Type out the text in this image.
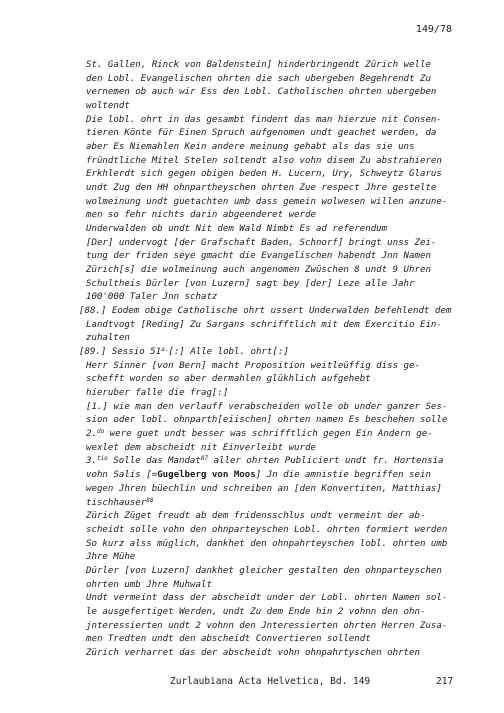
149/78
St. Gallen, Rinck von Baldenstein] hinderbringendt Zürich welle
den Lobl. Evangelischen ohrten die sach ubergeben Begehrendt Zu
vernemen ob auch wir Ess den Lobl. Catholischen ohrten ubergeben
woltendt
Die lobl. ohrt in das gesambt findent das man hierzue nit Consen-
tieren Könte für Einen Spruch aufgenomen undt geachet werden, da
aber Es Niemahlen Kein andere meinung gehabt als das sie uns
fründtliche Mitel Stelen soltendt also vohn disem Zu abstrahieren
Erkhlerdt sich gegen obigen beden H. Lucern, Ury, Schweytz Glarus
undt Zug den HH ohnpartheyschen ohrten Zue respect Jhre gestelte
wolmeinung undt guetachten umb dass gemein wolwesen willen anzune-
men so fehr nichts darin abgeenderet werde
Underwalden ob undt Nit dem Wald Nimbt Es ad referendum
[Der] undervogt [der Grafschaft Baden, Schnorf] bringt unss Zei-
tung der friden seye gmacht die Evangelischen habendt Jnn Namen
Zürich[s] die wolmeinung auch angenomen Zwüschen 8 undt 9 Uhren
Schultheis Dürler [von Luzern] sagt bey [der] Leze alle Jahr
100'000 Taler Jnn schatz
[88.] Eodem obige Catholische ohrt ussert Underwalden befehlendt dem
Landtvogt [Reding] Zu Sargans schrifftlich mit dem Exercitio Ein-
zuhalten
[89.] Sessio $51^{a.}[:]$ Alle lobl. ohrt[:]
Herr Sinner [von Bern] macht Proposition weitleüffig diss ge-
schefft worden so aber dermahlen glükhlich aufgehebt
hieruber falle die frag[:]
[1.] wie man den verlauff verabscheiden wolle ob under ganzer Ses-
sion oder lobl. ohnparth[eiischen] ohrten namen Es beschehen solle
2.$^{do}$ were guet undt besser was schrifftlich gegen Ein Andern ge-
wexlet dem abscheidt nit Einverleibt wurde
3.$^{tio}$ Solle das Mandat$^{87}$ aller ohrten Publiciert undt fr. Hortensia
vohn Salis [=Gugelberg von Moos] Jn die amnistie begriffen sein
wegen Jhren büechlin und schreiben an [den Konvertiten, Matthias]
tischhauser$^{88}$
Zürich Züget freudt ab dem fridensschlus undt vermeint der ab-
scheidt solle vohn den ohnparteyschen Lobl. ohrten formiert werden
So kurz alss müglich, dankhet den ohnpahrteyschen lobl. ohrten umb
Jhre Mühe
Dürler [von Luzern] dankhet gleicher gestalten den ohnparteyschen
ohrten umb Jhre Muhwalt
Undt vermeint dass der abscheidt under der Lobl. ohrten Namen sol-
le ausgefertiget Werden, undt Zu dem Ende hin 2 vohnn den ohn-
jnteressierten undt 2 vohnn den Jnteressierten ohrten Herren Zusa-
men Tredten undt den abscheidt Convertieren sollendt
Zürich verharret das der abscheidt vohn ohnpahrtyschen ohrten
Zurlaubiana Acta Helvetica, Bd. 149	217
